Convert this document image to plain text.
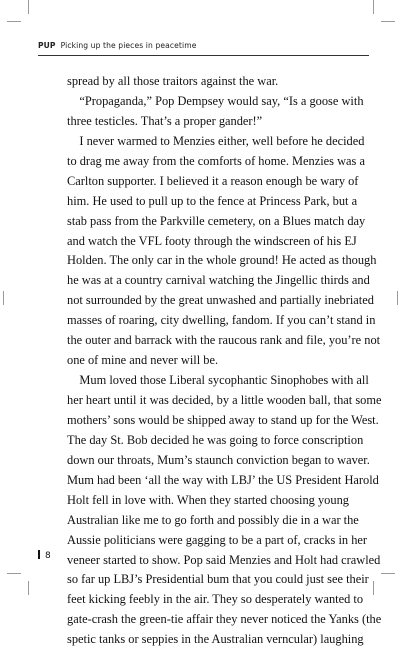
PUP Picking up the pieces in peacetime
spread by all those traitors against the war.
“Propaganda,” Pop Dempsey would say, “Is a goose with
three testicles. That’s a proper gander!”
I never warmed to Menzies either, well before he decided
to drag me away from the comforts of home. Menzies was a
Carlton supporter. I believed it a reason enough be wary of
him. He used to pull up to the fence at Princess Park, but a
stab pass from the Parkville cemetery, on a Blues match day
and watch the VFL footy through the windscreen of his EJ
Holden. The only car in the whole ground! He acted as though
he was at a country carnival watching the Jingellic thirds and
not surrounded by the great unwashed and partially inebriated
masses of roaring, city dwelling, fandom. If you can’t stand in
the outer and barrack with the raucous rank and file, you’re not
one of mine and never will be.
Mum loved those Liberal sycophantic Sinophobes with all
her heart until it was decided, by a little wooden ball, that some
mothers’ sons would be shipped away to stand up for the West.
The day St. Bob decided he was going to force conscription
down our throats, Mum’s staunch conviction began to waver.
Mum had been ‘all the way with LBJ’ the US President Harold
Holt fell in love with. When they started choosing young
Australian like me to go forth and possibly die in a war the
Aussie politicians were gagging to be a part of, cracks in her
veneer started to show. Pop said Menzies and Holt had crawled
so far up LBJ’s Presidential bum that you could just see their
feet kicking feebly in the air. They so desperately wanted to
gate-crash the green-tie affair they never noticed the Yanks (the
spetic tanks or seppies in the Australian verncular) laughing
8
